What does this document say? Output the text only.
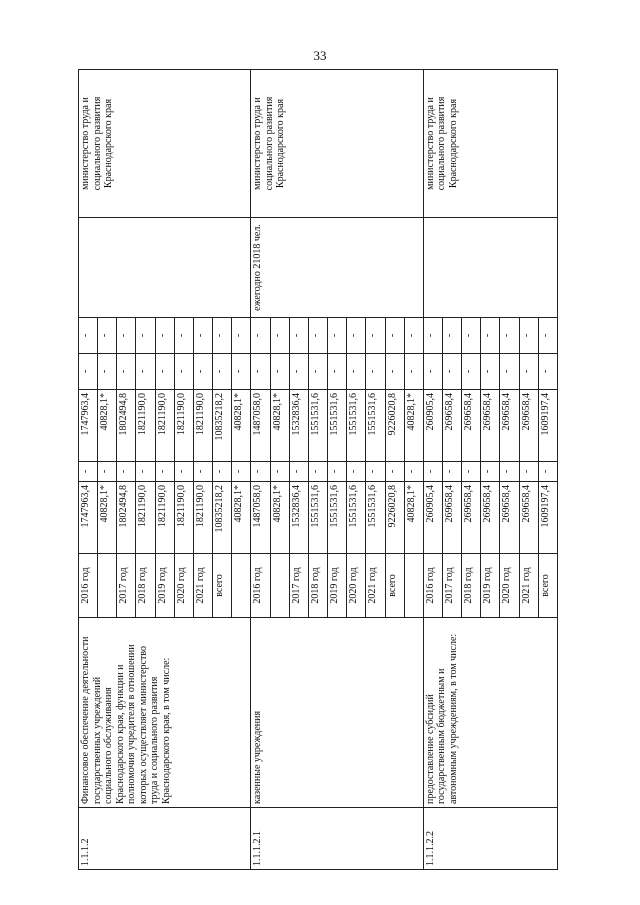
33
1.1.1.2	Финансовое обеспечение деятельности государственных учреждений социального обслуживания Краснодарского края, функции и полномочия учредителя в отношении которых осуществляет министерство труда и социального развития Краснодарского края, в том числе:	2016 год	1747963,4	-	1747963,4	-	-		министерство труда и социального развития Краснодарского края
			40828,1*	-	40828,1*	-	-		
		2017 год	1802494,8	-	1802494,8	-	-		
		2018 год	1821190,0	-	1821190,0	-	-		
		2019 год	1821190,0	-	1821190,0	-	-		
		2020 год	1821190,0	-	1821190,0	-	-		
		2021 год	1821190,0	-	1821190,0	-	-		
		всего	10835218,2	-	10835218,2	-	-		
			40828,1*	-	40828,1*	-	-		
1.1.1.2.1	казенные учреждения	2016 год	1487058,0	-	1487058,0	-	-	ежегодно 21018 чел.	министерство труда и социального развития Краснодарского края
			40828,1*	-	40828,1*	-	-		
		2017 год	1532836,4	-	1532836,4	-	-		
		2018 год	1551531,6	-	1551531,6	-	-		
		2019 год	1551531,6	-	1551531,6	-	-		
		2020 год	1551531,6	-	1551531,6	-	-		
		2021 год	1551531,6	-	1551531,6	-	-		
		всего	9226020,8	-	9226020,8	-	-		
			40828,1*	-	40828,1*	-	-		
1.1.1.2.2	предоставление субсидий государственным бюджетным и автономным учреждениям, в том числе:	2016 год	260905,4	-	260905,4	-	-		министерство труда и социального развития Краснодарского края
		2017 год	269658,4	-	269658,4	-	-		
		2018 год	269658,4	-	269658,4	-	-		
		2019 год	269658,4	-	269658,4	-	-		
		2020 год	269658,4	-	269658,4	-	-		
		2021 год	269658,4	-	269658,4	-	-		
		всего	1609197,4	-	1609197,4	-	-		
